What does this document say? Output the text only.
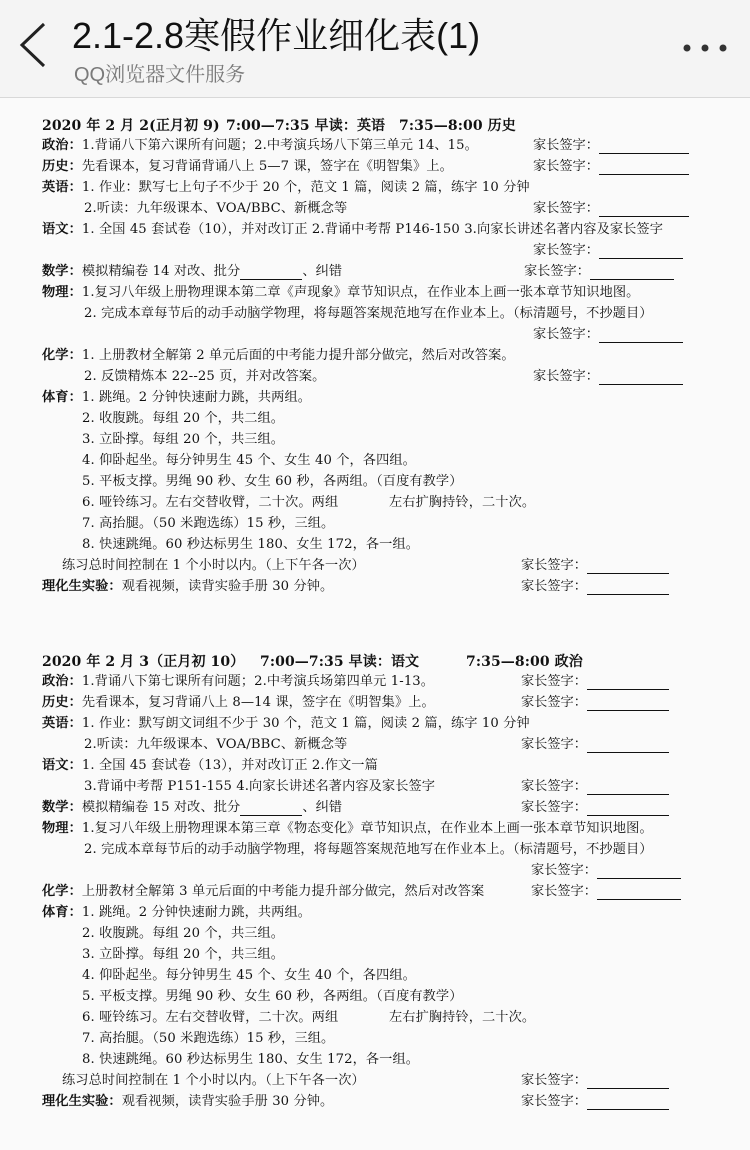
2.1-2.8寒假作业细化表(1)
QQ浏览器文件服务
2020 年 2 月 2(正月初 9) 7:00—7:35 早读：英语 7:35—8:00 历史
政治：1.背诵八下第六课所有问题；2.中考演兵场八下第三单元 14、15。	家长签字：
历史：先看课本，复习背诵背诵八上 5—7 课，签字在《明智集》上。	家长签字：
英语：1. 作业：默写七上句子不少于 20 个，范文 1 篇，阅读 2 篇，练字 10 分钟
2.听读：九年级课本、VOA/BBC、新概念等	家长签字：
语文：1. 全国 45 套试卷（10），并对改订正 2.背诵中考帮 P146-150 3.向家长讲述名著内容及家长签字
家长签字：
数学：模拟精编卷 14 对改、批分	、纠错	家长签字：
物理：1.复习八年级上册物理课本第二章《声现象》章节知识点，在作业本上画一张本章节知识地图。
2. 完成本章每节后的动手动脑学物理，将每题答案规范地写在作业本上。（标清题号，不抄题目）
家长签字：
化学：1. 上册教材全解第 2 单元后面的中考能力提升部分做完，然后对改答案。
2. 反馈精炼本 22--25 页，并对改答案。	家长签字：
体育：1. 跳绳。2 分钟快速耐力跳，共两组。
2. 收腹跳。每组 20 个，共二组。
3. 立卧撑。每组 20 个，共三组。
4. 仰卧起坐。每分钟男生 45 个、女生 40 个，各四组。
5. 平板支撑。男绳 90 秒、女生 60 秒，各两组。（百度有教学）
6. 哑铃练习。左右交替收臂，二十次。两组	左右扩胸持铃，二十次。
7. 高抬腿。（50 米跑选练）15 秒，三组。
8. 快速跳绳。60 秒达标男生 180、女生 172，各一组。
练习总时间控制在 1 个小时以内。（上下午各一次）	家长签字：
理化生实验：观看视频，读背实验手册 30 分钟。	家长签字：
2020 年 2 月 3（正月初 10） 7:00—7:35 早读：语文	7:35—8:00 政治
政治：1.背诵八下第七课所有问题；2.中考演兵场第四单元 1-13。	家长签字：
历史：先看课本，复习背诵八上 8—14 课，签字在《明智集》上。	家长签字：
英语：1. 作业：默写朗文词组不少于 30 个，范文 1 篇，阅读 2 篇，练字 10 分钟
2.听读：九年级课本、VOA/BBC、新概念等	家长签字：
语文：1. 全国 45 套试卷（13），并对改订正 2.作文一篇
3.背诵中考帮 P151-155 4.向家长讲述名著内容及家长签字	家长签字：
数学：模拟精编卷 15 对改、批分	、纠错	家长签字：
物理：1.复习八年级上册物理课本第三章《物态变化》章节知识点，在作业本上画一张本章节知识地图。
2. 完成本章每节后的动手动脑学物理，将每题答案规范地写在作业本上。（标清题号，不抄题目）
家长签字：
化学：上册教材全解第 3 单元后面的中考能力提升部分做完，然后对改答案	家长签字：
体育：1. 跳绳。2 分钟快速耐力跳，共两组。
2. 收腹跳。每组 20 个，共三组。
3. 立卧撑。每组 20 个，共三组。
4. 仰卧起坐。每分钟男生 45 个、女生 40 个，各四组。
5. 平板支撑。男绳 90 秒、女生 60 秒，各两组。（百度有教学）
6. 哑铃练习。左右交替收臂，二十次。两组	左右扩胸持铃，二十次。
7. 高抬腿。（50 米跑选练）15 秒，三组。
8. 快速跳绳。60 秒达标男生 180、女生 172，各一组。
练习总时间控制在 1 个小时以内。（上下午各一次）	家长签字：
理化生实验：观看视频，读背实验手册 30 分钟。	家长签字：
